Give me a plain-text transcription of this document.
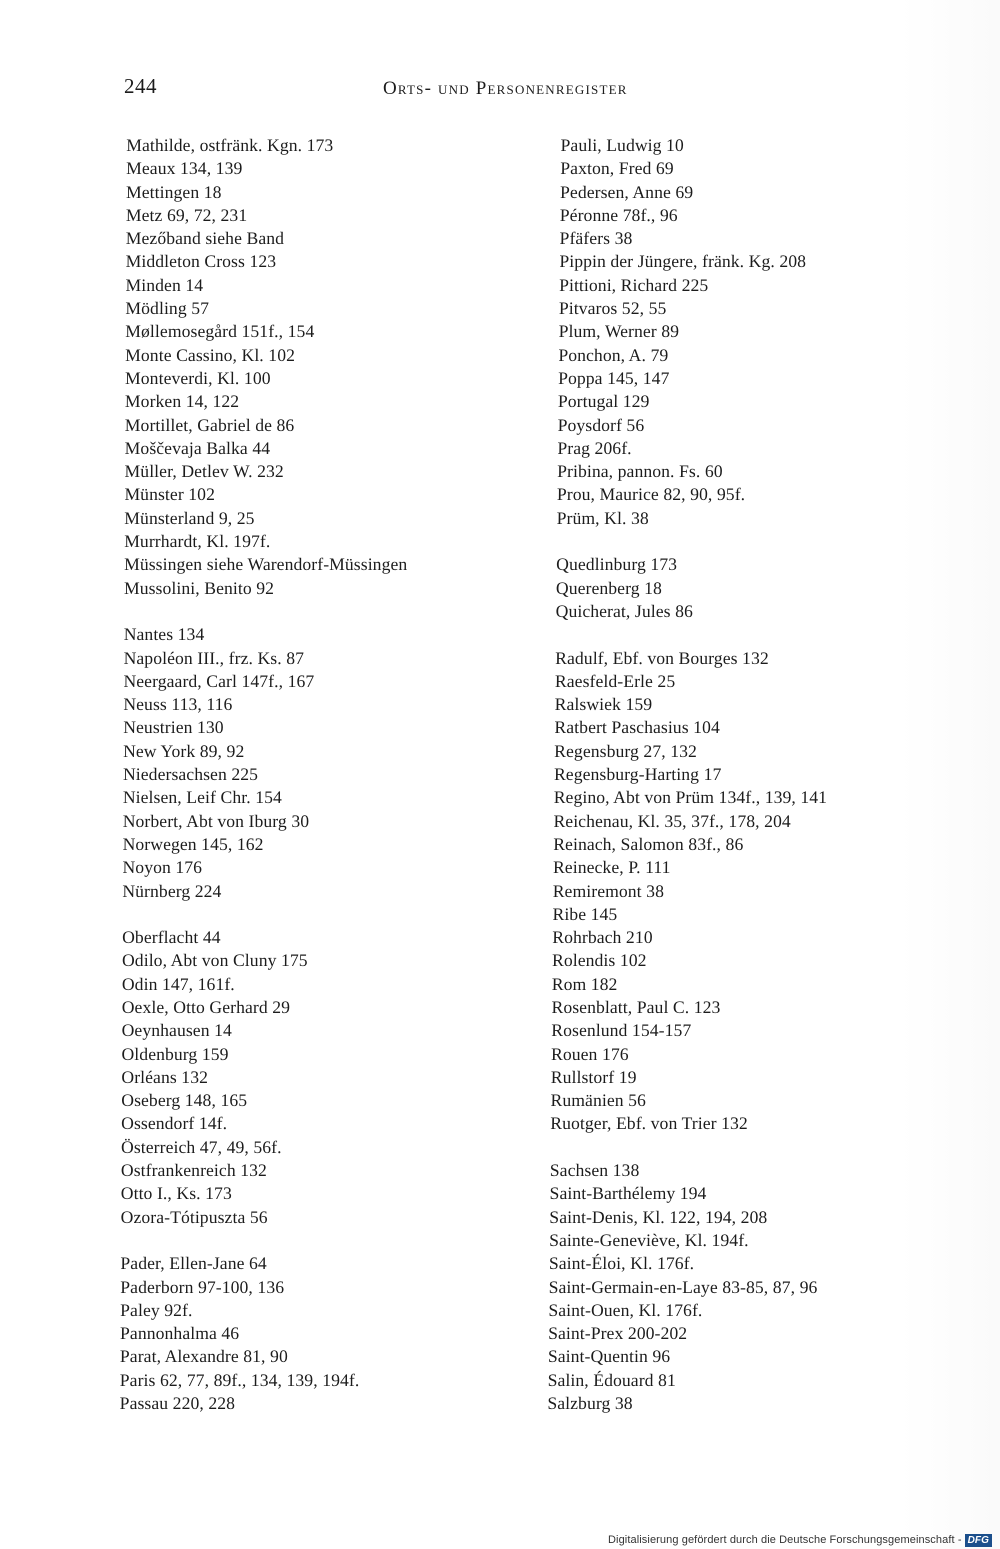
244	Orts- und Personenregister
Mathilde, ostfränk. Kgn. 173
Meaux 134, 139
Mettingen 18
Metz 69, 72, 231
Mezőband siehe Band
Middleton Cross 123
Minden 14
Mödling 57
Møllemosegård 151f., 154
Monte Cassino, Kl. 102
Monteverdi, Kl. 100
Morken 14, 122
Mortillet, Gabriel de 86
Moščevaja Balka 44
Müller, Detlev W. 232
Münster 102
Münsterland 9, 25
Murrhardt, Kl. 197f.
Müssingen siehe Warendorf-Müssingen
Mussolini, Benito 92
Nantes 134
Napoléon III., frz. Ks. 87
Neergaard, Carl 147f., 167
Neuss 113, 116
Neustrien 130
New York 89, 92
Niedersachsen 225
Nielsen, Leif Chr. 154
Norbert, Abt von Iburg 30
Norwegen 145, 162
Noyon 176
Nürnberg 224
Oberflacht 44
Odilo, Abt von Cluny 175
Odin 147, 161f.
Oexle, Otto Gerhard 29
Oeynhausen 14
Oldenburg 159
Orléans 132
Oseberg 148, 165
Ossendorf 14f.
Österreich 47, 49, 56f.
Ostfrankenreich 132
Otto I., Ks. 173
Ozora-Tótipuszta 56
Pader, Ellen-Jane 64
Paderborn 97-100, 136
Paley 92f.
Pannonhalma 46
Parat, Alexandre 81, 90
Paris 62, 77, 89f., 134, 139, 194f.
Passau 220, 228
Pauli, Ludwig 10
Paxton, Fred 69
Pedersen, Anne 69
Péronne 78f., 96
Pfäfers 38
Pippin der Jüngere, fränk. Kg. 208
Pittioni, Richard 225
Pitvaros 52, 55
Plum, Werner 89
Ponchon, A. 79
Poppa 145, 147
Portugal 129
Poysdorf 56
Prag 206f.
Pribina, pannon. Fs. 60
Prou, Maurice 82, 90, 95f.
Prüm, Kl. 38
Quedlinburg 173
Querenberg 18
Quicherat, Jules 86
Radulf, Ebf. von Bourges 132
Raesfeld-Erle 25
Ralswiek 159
Ratbert Paschasius 104
Regensburg 27, 132
Regensburg-Harting 17
Regino, Abt von Prüm 134f., 139, 141
Reichenau, Kl. 35, 37f., 178, 204
Reinach, Salomon 83f., 86
Reinecke, P. 111
Remiremont 38
Ribe 145
Rohrbach 210
Rolendis 102
Rom 182
Rosenblatt, Paul C. 123
Rosenlund 154-157
Rouen 176
Rullstorf 19
Rumänien 56
Ruotger, Ebf. von Trier 132
Sachsen 138
Saint-Barthélemy 194
Saint-Denis, Kl. 122, 194, 208
Sainte-Geneviève, Kl. 194f.
Saint-Éloi, Kl. 176f.
Saint-Germain-en-Laye 83-85, 87, 96
Saint-Ouen, Kl. 176f.
Saint-Prex 200-202
Saint-Quentin 96
Salin, Édouard 81
Salzburg 38
Digitalisierung gefördert durch die Deutsche Forschungsgemeinschaft - DFG
